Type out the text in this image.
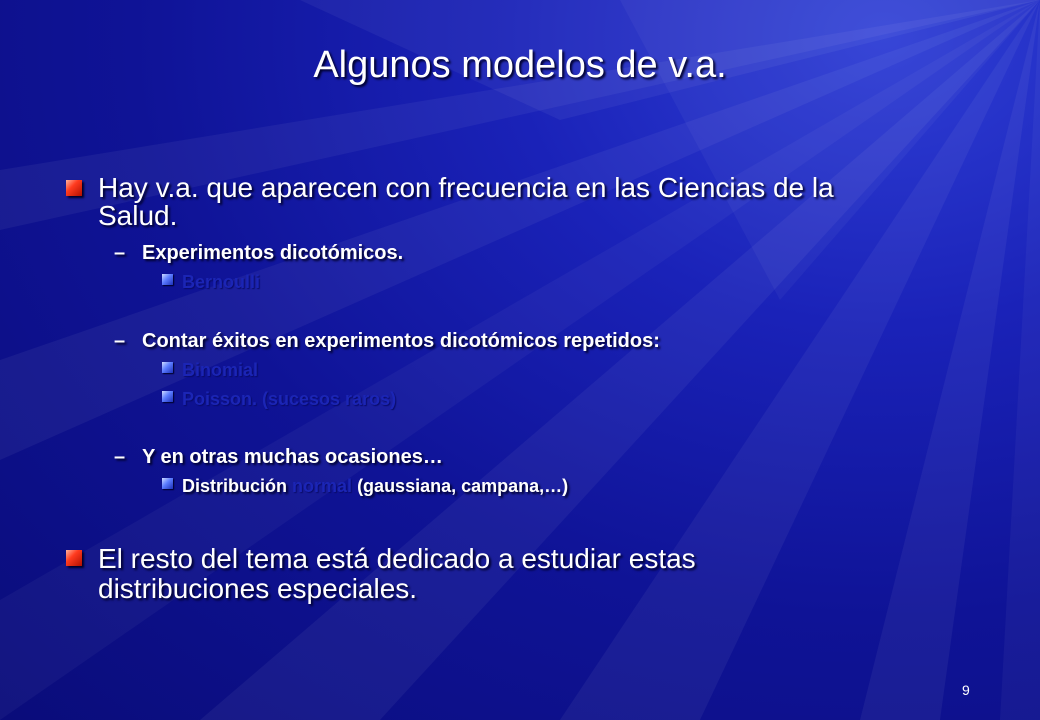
Algunos modelos de v.a.
Hay v.a. que aparecen con frecuencia en las Ciencias de la
Salud.
– Experimentos dicotómicos.
Bernoulli
– Contar éxitos en experimentos dicotómicos repetidos:
Binomial
Poisson. (sucesos raros)
– Y en otras muchas ocasiones…
Distribución normal (gaussiana, campana,…)
El resto del tema está dedicado a estudiar estas
distribuciones especiales.
9
